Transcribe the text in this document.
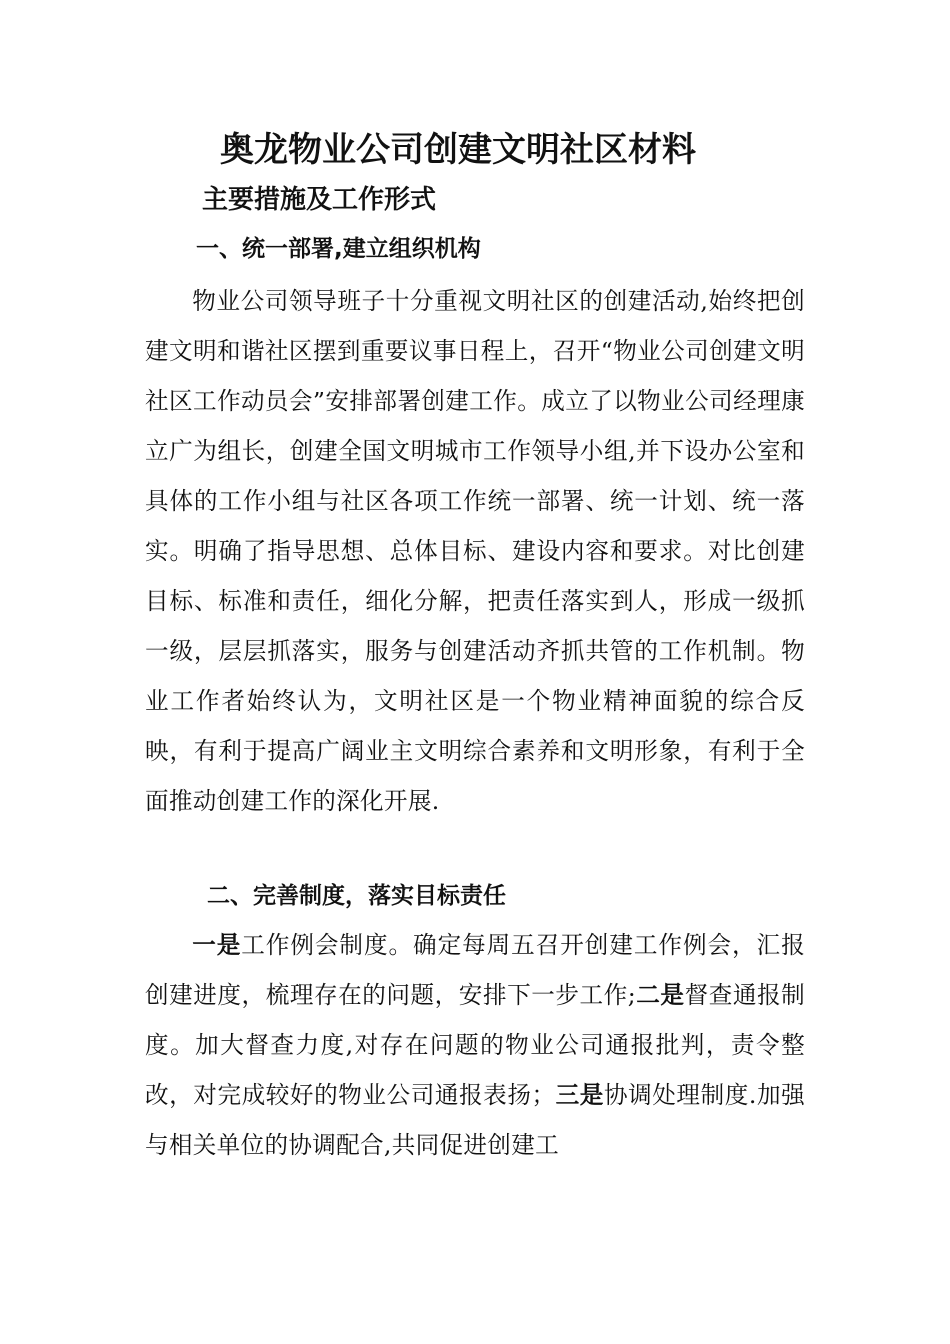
奥龙物业公司创建文明社区材料
主要措施及工作形式
一、统一部署,建立组织机构

物业公司领导班子十分重视文明社区的创建活动,始终把创建文明和谐社区摆到重要议事日程上，召开“物业公司创建文明社区工作动员会”安排部署创建工作。成立了以物业公司经理康立广为组长，创建全国文明城市工作领导小组,并下设办公室和具体的工作小组与社区各项工作统一部署、统一计划、统一落实。明确了指导思想、总体目标、建设内容和要求。对比创建目标、标准和责任，细化分解，把责任落实到人，形成一级抓一级，层层抓落实，服务与创建活动齐抓共管的工作机制。物业工作者始终认为，文明社区是一个物业精神面貌的综合反映，有利于提高广阔业主文明综合素养和文明形象，有利于全面推动创建工作的深化开展.

二、完善制度，落实目标责任

一是工作例会制度。确定每周五召开创建工作例会，汇报创建进度，梳理存在的问题，安排下一步工作;二是督查通报制度。加大督查力度,对存在问题的物业公司通报批判，责令整改，对完成较好的物业公司通报表扬；三是协调处理制度.加强与相关单位的协调配合,共同促进创建工
